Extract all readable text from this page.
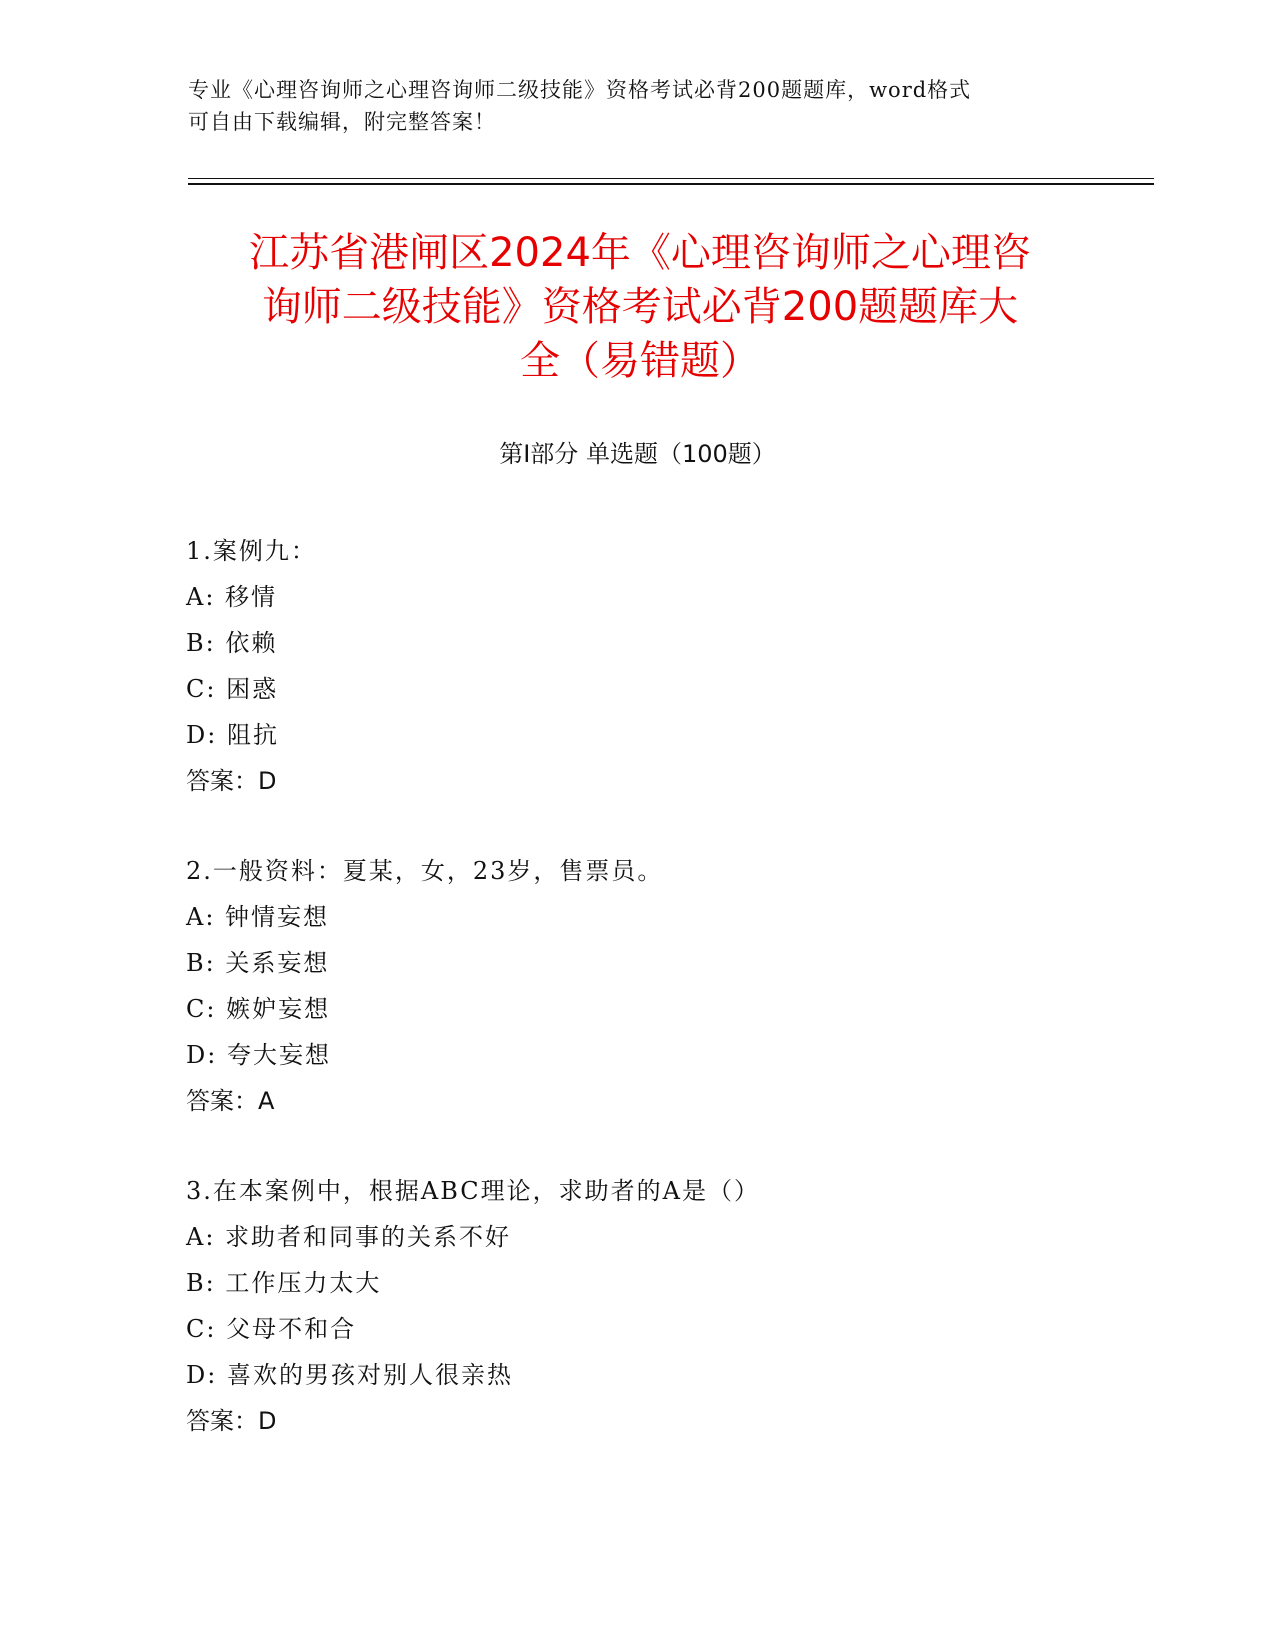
专业《心理咨询师之心理咨询师二级技能》资格考试必背200题题库，word格式
可自由下载编辑，附完整答案！
江苏省港闸区2024年《心理咨询师之心理咨
询师二级技能》资格考试必背200题题库大
全（易错题）
第Ⅰ部分 单选题（100题）
1.案例九：
A: 移情
B: 依赖
C: 困惑
D: 阻抗
答案：D
2.一般资料：夏某，女，23岁，售票员。
A: 钟情妄想
B: 关系妄想
C: 嫉妒妄想
D: 夸大妄想
答案：A
3.在本案例中，根据ABC理论，求助者的A是（）
A: 求助者和同事的关系不好
B: 工作压力太大
C: 父母不和合
D: 喜欢的男孩对别人很亲热
答案：D
